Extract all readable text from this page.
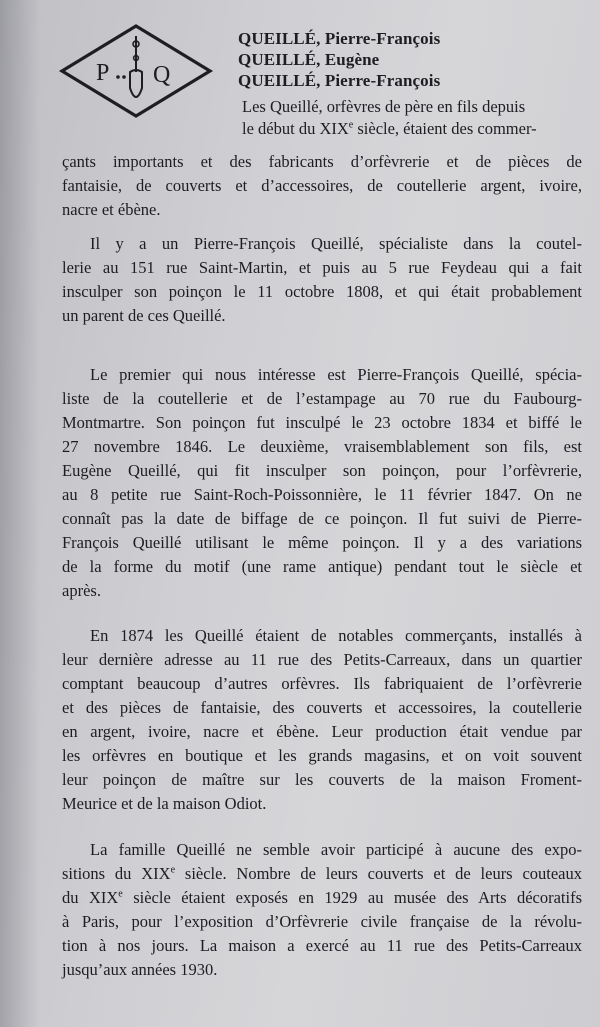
P Q
QUEILLÉ, Pierre-François
QUEILLÉ, Eugène
QUEILLÉ, Pierre-François
Les Queillé, orfèvres de père en fils depuis
le début du XIXe siècle, étaient des commer-
çants importants et des fabricants d’orfèvrerie et de pièces de
fantaisie, de couverts et d’accessoires, de coutellerie argent, ivoire,
nacre et ébène.
Il y a un Pierre-François Queillé, spécialiste dans la coutel-
lerie au 151 rue Saint-Martin, et puis au 5 rue Feydeau qui a fait
insculper son poinçon le 11 octobre 1808, et qui était probablement
un parent de ces Queillé.
Le premier qui nous intéresse est Pierre-François Queillé, spécia-
liste de la coutellerie et de l’estampage au 70 rue du Faubourg-
Montmartre. Son poinçon fut insculpé le 23 octobre 1834 et biffé le
27 novembre 1846. Le deuxième, vraisemblablement son fils, est
Eugène Queillé, qui fit insculper son poinçon, pour l’orfèvrerie,
au 8 petite rue Saint-Roch-Poissonnière, le 11 février 1847. On ne
connaît pas la date de biffage de ce poinçon. Il fut suivi de Pierre-
François Queillé utilisant le même poinçon. Il y a des variations
de la forme du motif (une rame antique) pendant tout le siècle et
après.
En 1874 les Queillé étaient de notables commerçants, installés à
leur dernière adresse au 11 rue des Petits-Carreaux, dans un quartier
comptant beaucoup d’autres orfèvres. Ils fabriquaient de l’orfèvrerie
et des pièces de fantaisie, des couverts et accessoires, la coutellerie
en argent, ivoire, nacre et ébène. Leur production était vendue par
les orfèvres en boutique et les grands magasins, et on voit souvent
leur poinçon de maître sur les couverts de la maison Froment-
Meurice et de la maison Odiot.
La famille Queillé ne semble avoir participé à aucune des expo-
sitions du XIXe siècle. Nombre de leurs couverts et de leurs couteaux
du XIXe siècle étaient exposés en 1929 au musée des Arts décoratifs
à Paris, pour l’exposition d’Orfèvrerie civile française de la révolu-
tion à nos jours. La maison a exercé au 11 rue des Petits-Carreaux
jusqu’aux années 1930.
